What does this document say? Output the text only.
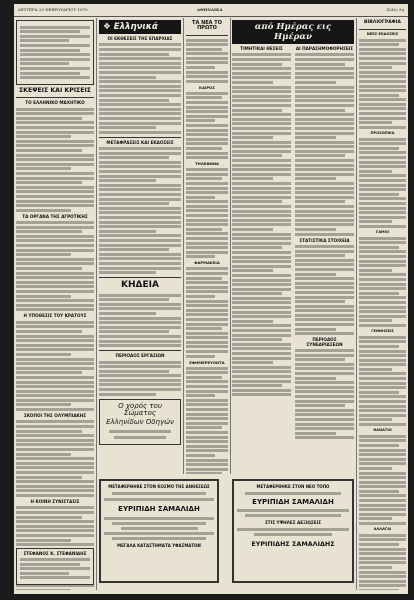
ΔΕΥΤΕΡΑ 23 ΦΕΒΡΟΥΑΡΙΟΥ 1970	ΑΘΗΝΑΙΚΑ	Σελίς 5η
ΣΚΕΨΕΙΣ ΚΑΙ ΚΡΙΣΕΙΣ
ΤΟ ΕΛΛΗΝΙΚΟ ΜΑΧΗΤΙΚΟ
ΤΑ ΟΡΓΑΝΑ ΤΗΣ ΑΓΡΟΤΙΚΗΣ
Η ΥΠΟΘΕΣΙΣ ΤΟΥ ΚΡΑΤΟΥΣ
ΣΚΟΠΟΙ ΤΗΣ ΟΛΥΜΠΙΑΚΗΣ
Η ΚΟΙΝΗ ΣΥΝΙΣΤΑΣΙΣ
ΣΤΕΦΑΝΟΣ Κ. ΣΤΕΦΑΝΙΔΗΣ
❖ Ελληνικά
ΟΙ ΕΚΘΕΣΕΙΣ ΤΗΣ ΕΠΑΡΧΙΑΣ
ΜΕΤΑΦΡΑΣΕΙΣ ΚΑΙ ΕΚΔΟΣΕΙΣ
ΚΗΔΕΙΑ
ΠΕΡΙΟΔΟΣ ΕΡΓΑΣΙΩΝ
Ο χορός του Σώματος
Ελληνίδων Οδηγών
ΤΑ ΝΕΑ ΤΟ ΠΡΩΤΟ
ΚΑΙΡΟΣ
ΤΗΛΕΦΩΝΑ
ΦΑΡΜΑΚΕΙΑ
ΕΦΗΜΕΡΕΥΟΝΤΑ
από Ημέρας εις Ημέραν
ΤΙΜΗΤΙΚΑΙ ΘΕΣΕΙΣ	ΑΙ ΠΑΡΑΣΗΜΟΦΟΡΗΣΕΙΣ
ΣΤΑΤΙΣΤΙΚΑ ΣΤΟΙΧΕΙΑ
ΠΕΡΙΟΔΟΣ ΣΥΝΕΔΡΙΑΣΕΩΝ
ΒΙΒΛΙΟΓΡΑΦΙΑ
ΝΕΕΣ ΕΚΔΟΣΕΙΣ
ΠΡΟΣΩΠΙΚΑ
ΓΑΜΟΙ
ΓΕΝΝΗΣΕΙΣ
ΘΑΝΑΤΟΙ
ΑΛΛΑΓΑΙ
ΜΕΤΑΦΕΡΘΗΚΕ ΣΤΟΝ ΚΟΣΜΟ ΤΗΣ ΑΝΘΕΣΕΩΣ
ΕΥΡΙΠΙΔΗ ΣΑΜΑΛΙΔΗ
ΜΕΓΑΛΑ ΚΑΤΑΣΤΗΜΑΤΑ ΥΦΑΣΜΑΤΩΝ
ΜΕΤΑΦΕΡΘΗΚΕ ΣΤΟΝ ΝΕΟ ΤΟΠΟ
ΕΥΡΙΠΙΔΗ ΣΑΜΑΛΙΔΗ
ΣΤΙΣ ΥΨΗΛΕΣ ΔΕΞΙΩΣΕΙΣ
ΕΥΡΙΠΙΔΗΣ ΣΑΜΑΛΙΔΗΣ
